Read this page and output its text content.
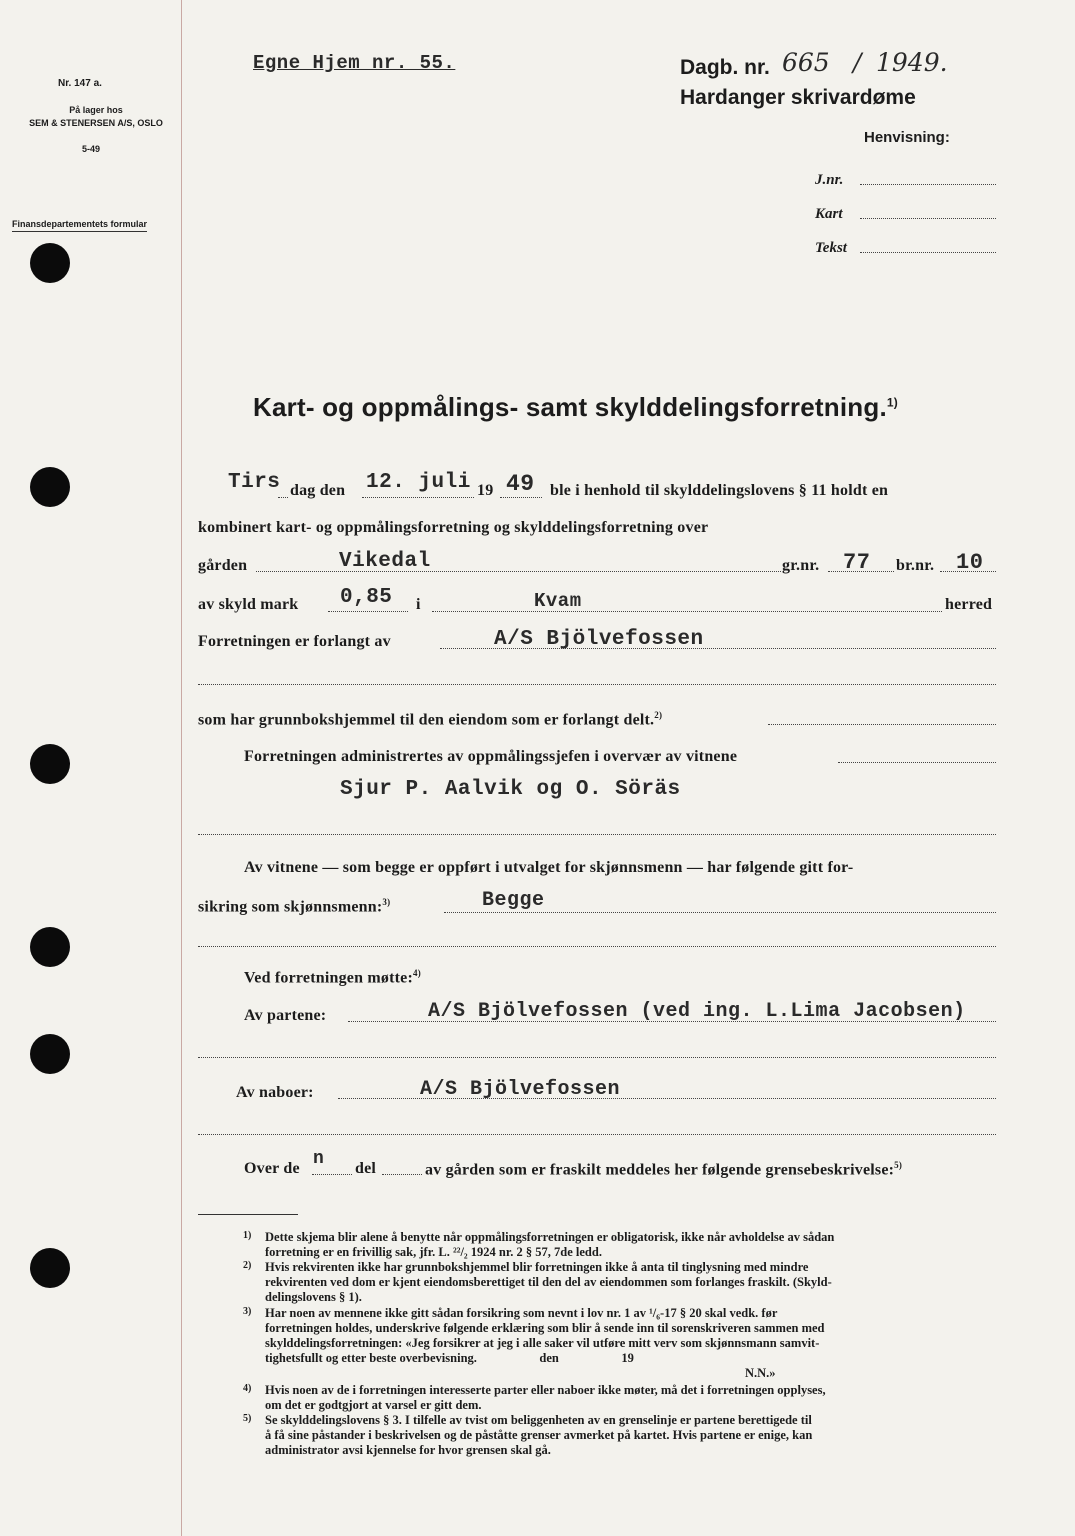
Nr. 147 a.
På lager hos
SEM & STENERSEN A/S, OSLO
5-49
Finansdepartementets formular
Egne Hjem nr. 55.	Dagb. nr. 665 / 1949.
Hardanger skrivardøme
Henvisning:
J.nr.
Kart
Tekst
Kart- og oppmålings- samt skylddelingsforretning.$^{1)}$
Tirs dag den 12. juli 19 49 ble i henhold til skylddelingslovens § 11 holdt en
kombinert kart- og oppmålingsforretning og skylddelingsforretning over
gården	Vikedal	gr.nr. 77 br.nr. 10
av skyld mark 0,85 i	Kvam	herred
Forretningen er forlangt av	A/S Bjölvefossen
som har grunnbokshjemmel til den eiendom som er forlangt delt.$^{2)}$
Forretningen administrertes av oppmålingssjefen i overvær av vitnene
Sjur P. Aalvik og O. Söräs
Av vitnene — som begge er oppført i utvalget for skjønnsmenn — har følgende gitt for-
sikring som skjønnsmenn:$^{3)}$	Begge
Ved forretningen møtte:$^{4)}$
Av partene:	A/S Bjölvefossen (ved ing. L.Lima Jacobsen)
Av naboer:	A/S Bjölvefossen
Over de n del	av gården som er fraskilt meddeles her følgende grensebeskrivelse:$^{5)}$
1) Dette skjema blir alene å benytte når oppmålingsforretningen er obligatorisk, ikke når avholdelse av sådan
forretning er en frivillig sak, jfr. L. ²²/₂ 1924 nr. 2 § 57, 7de ledd.
2) Hvis rekvirenten ikke har grunnbokshjemmel blir forretningen ikke å anta til tinglysning med mindre
rekvirenten ved dom er kjent eiendomsberettiget til den del av eiendommen som forlanges fraskilt. (Skyld-
delingslovens § 1).
3) Har noen av mennene ikke gitt sådan forsikring som nevnt i lov nr. 1 av ¹/₆-17 § 20 skal vedk. før
forretningen holdes, underskrive følgende erklæring som blir å sende inn til sorenskriveren sammen med
skylddelingsforretningen: «Jeg forsikrer at jeg i alle saker vil utføre mitt verv som skjønnsmann samvit-
tighetsfullt og etter beste overbevisning.                    den                    19
N.N.»
4) Hvis noen av de i forretningen interesserte parter eller naboer ikke møter, må det i forretningen opplyses,
om det er godtgjort at varsel er gitt dem.
5) Se skylddelingslovens § 3. I tilfelle av tvist om beliggenheten av en grenselinje er partene berettigede til
å få sine påstander i beskrivelsen og de påståtte grenser avmerket på kartet. Hvis partene er enige, kan
administrator avsi kjennelse for hvor grensen skal gå.
